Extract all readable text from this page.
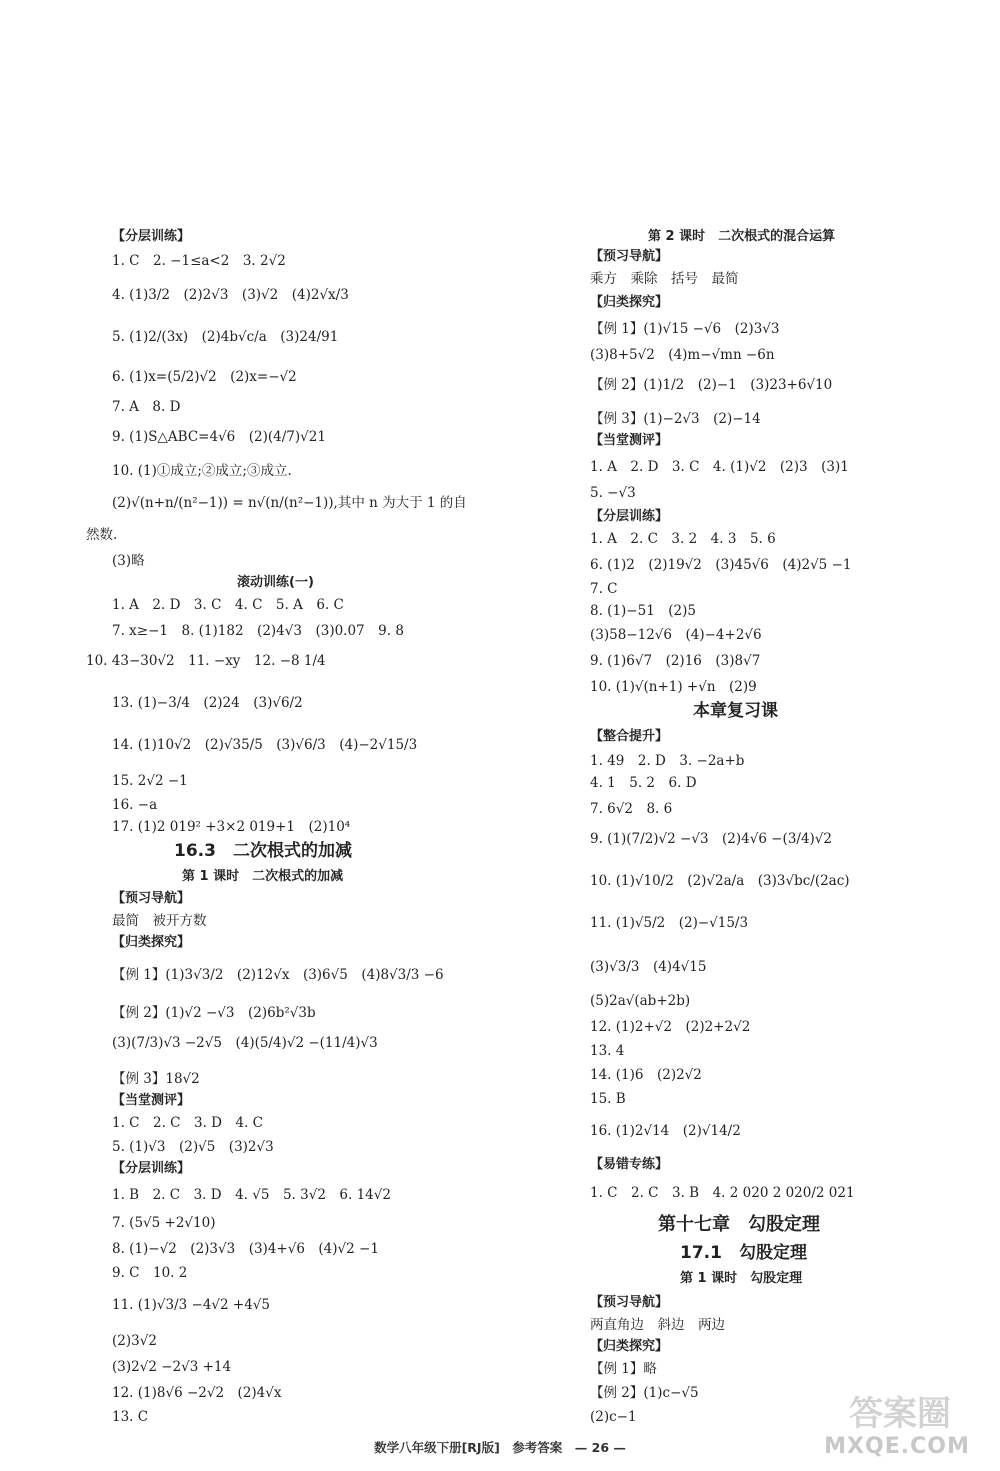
【分层训练】
1. C　2. −1≤a<2　3. 2√2
4. (1)3/2　(2)2√3　(3)√2　(4)2√x/3
5. (1)2/(3x)　(2)4b√c/a　(3)24/91
6. (1)x=(5/2)√2　(2)x=−√2
7. A　8. D
9. (1)S△ABC=4√6　(2)(4/7)√21
10. (1)①成立;②成立;③成立.
(2)√(n+n/(n²−1)) = n√(n/(n²−1)),其中 n 为大于 1 的自
然数.
(3)略
滚动训练(一)
1. A　2. D　3. C　4. C　5. A　6. C
7. x≥−1　8. (1)182　(2)4√3　(3)0.07　9. 8
10. 43−30√2　11. −xy　12. −8 1/4
13. (1)−3/4　(2)24　(3)√6/2
14. (1)10√2　(2)√35/5　(3)√6/3　(4)−2√15/3
15. 2√2 −1
16. −a
17. (1)2 019² +3×2 019+1　(2)10⁴
16.3　二次根式的加减
第 1 课时　二次根式的加减
【预习导航】
最简　被开方数
【归类探究】
【例 1】(1)3√3/2　(2)12√x　(3)6√5　(4)8√3/3 −6
【例 2】(1)√2 −√3　(2)6b²√3b
(3)(7/3)√3 −2√5　(4)(5/4)√2 −(11/4)√3
【例 3】18√2
【当堂测评】
1. C　2. C　3. D　4. C
5. (1)√3　(2)√5　(3)2√3
【分层训练】
1. B　2. C　3. D　4. √5　5. 3√2　6. 14√2
7. (5√5 +2√10)
8. (1)−√2　(2)3√3　(3)4+√6　(4)√2 −1
9. C　10. 2
11. (1)√3/3 −4√2 +4√5
(2)3√2
(3)2√2 −2√3 +14
12. (1)8√6 −2√2　(2)4√x
13. C
第 2 课时　二次根式的混合运算
【预习导航】
乘方　乘除　括号　最简
【归类探究】
【例 1】(1)√15 −√6　(2)3√3
(3)8+5√2　(4)m−√mn −6n
【例 2】(1)1/2　(2)−1　(3)23+6√10
【例 3】(1)−2√3　(2)−14
【当堂测评】
1. A　2. D　3. C　4. (1)√2　(2)3　(3)1
5. −√3
【分层训练】
1. A　2. C　3. 2　4. 3　5. 6
6. (1)2　(2)19√2　(3)45√6　(4)2√5 −1
7. C
8. (1)−51　(2)5
(3)58−12√6　(4)−4+2√6
9. (1)6√7　(2)16　(3)8√7
10. (1)√(n+1) +√n　(2)9
本章复习课
【整合提升】
1. 49　2. D　3. −2a+b
4. 1　5. 2　6. D
7. 6√2　8. 6
9. (1)(7/2)√2 −√3　(2)4√6 −(3/4)√2
10. (1)√10/2　(2)√2a/a　(3)3√bc/(2ac)
11. (1)√5/2　(2)−√15/3
(3)√3/3　(4)4√15
(5)2a√(ab+2b)
12. (1)2+√2　(2)2+2√2
13. 4
14. (1)6　(2)2√2
15. B
16. (1)2√14　(2)√14/2
【易错专练】
1. C　2. C　3. B　4. 2 020 2 020/2 021
第十七章　勾股定理
17.1　勾股定理
第 1 课时　勾股定理
【预习导航】
两直角边　斜边　两边
【归类探究】
【例 1】略
【例 2】(1)c−√5
(2)c−1
数学八年级下册[RJ版]　参考答案　— 26 —
答案圈
MXQE.COM
